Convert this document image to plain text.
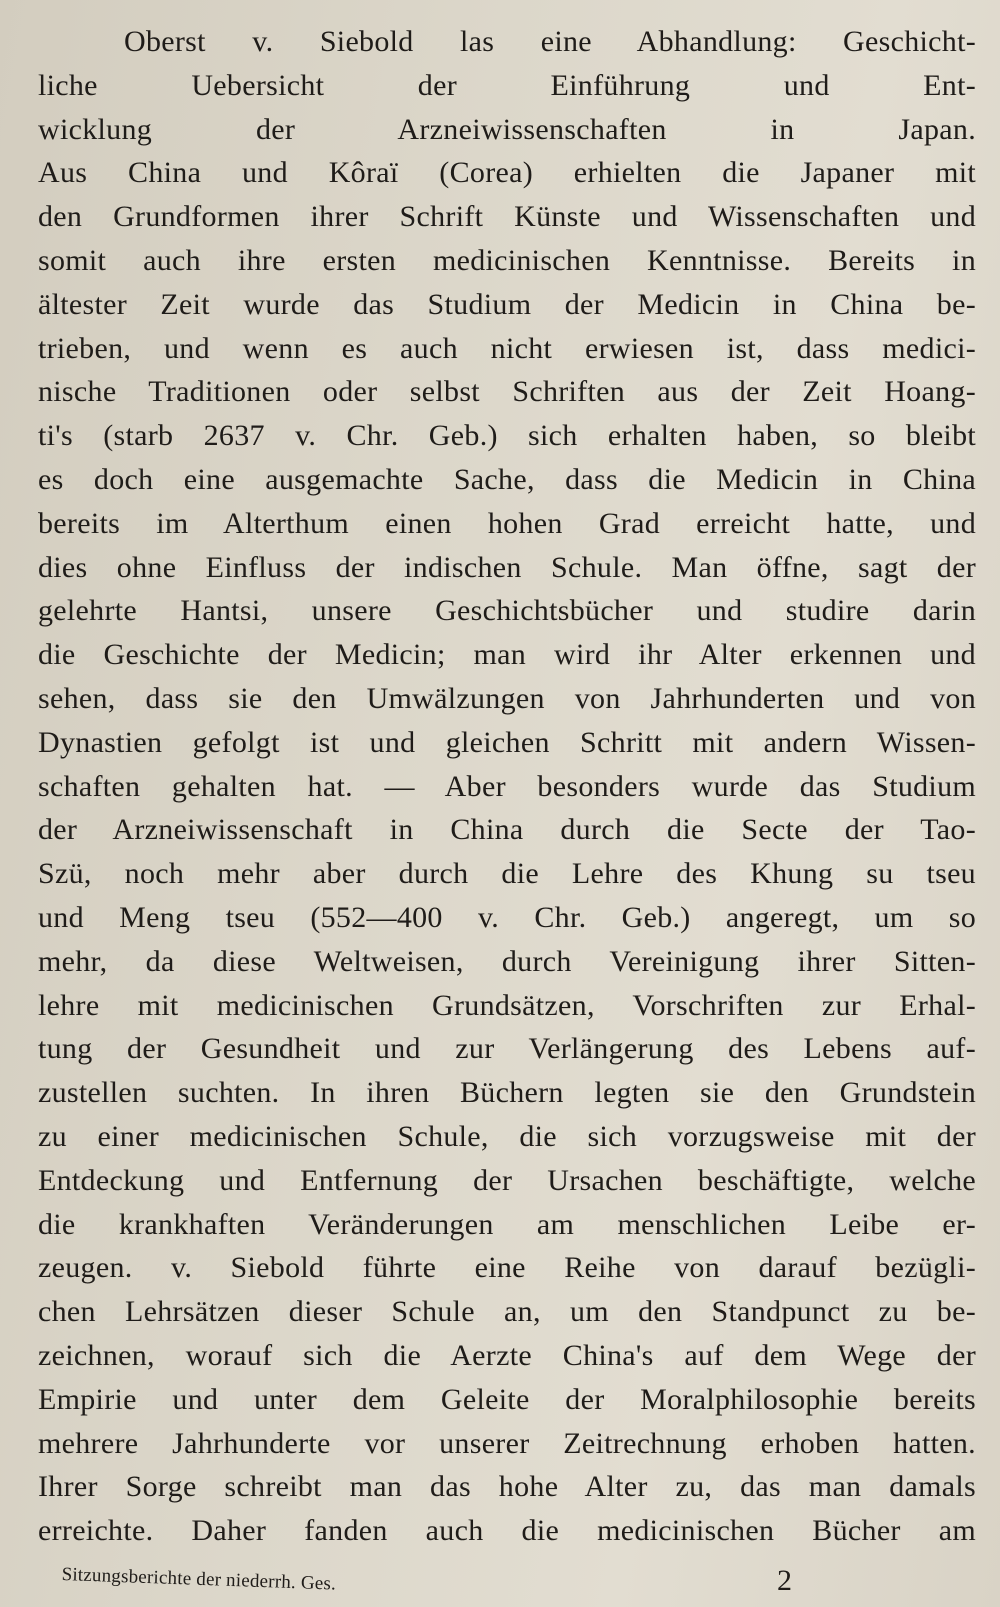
Oberst v. Siebold las eine Abhandlung: Geschicht-
liche Uebersicht der Einführung und Ent-
wicklung der Arzneiwissenschaften in Japan.
Aus China und Kôraï (Corea) erhielten die Japaner mit
den Grundformen ihrer Schrift Künste und Wissenschaften und
somit auch ihre ersten medicinischen Kenntnisse. Bereits in
ältester Zeit wurde das Studium der Medicin in China be-
trieben, und wenn es auch nicht erwiesen ist, dass medici-
nische Traditionen oder selbst Schriften aus der Zeit Hoang-
ti's (starb 2637 v. Chr. Geb.) sich erhalten haben, so bleibt
es doch eine ausgemachte Sache, dass die Medicin in China
bereits im Alterthum einen hohen Grad erreicht hatte, und
dies ohne Einfluss der indischen Schule. Man öffne, sagt der
gelehrte Hantsi, unsere Geschichtsbücher und studire darin
die Geschichte der Medicin; man wird ihr Alter erkennen und
sehen, dass sie den Umwälzungen von Jahrhunderten und von
Dynastien gefolgt ist und gleichen Schritt mit andern Wissen-
schaften gehalten hat. — Aber besonders wurde das Studium
der Arzneiwissenschaft in China durch die Secte der Tao-
Szü, noch mehr aber durch die Lehre des Khung su tseu
und Meng tseu (552—400 v. Chr. Geb.) angeregt, um so
mehr, da diese Weltweisen, durch Vereinigung ihrer Sitten-
lehre mit medicinischen Grundsätzen, Vorschriften zur Erhal-
tung der Gesundheit und zur Verlängerung des Lebens auf-
zustellen suchten. In ihren Büchern legten sie den Grundstein
zu einer medicinischen Schule, die sich vorzugsweise mit der
Entdeckung und Entfernung der Ursachen beschäftigte, welche
die krankhaften Veränderungen am menschlichen Leibe er-
zeugen. v. Siebold führte eine Reihe von darauf bezügli-
chen Lehrsätzen dieser Schule an, um den Standpunct zu be-
zeichnen, worauf sich die Aerzte China's auf dem Wege der
Empirie und unter dem Geleite der Moralphilosophie bereits
mehrere Jahrhunderte vor unserer Zeitrechnung erhoben hatten.
Ihrer Sorge schreibt man das hohe Alter zu, das man damals
erreichte. Daher fanden auch die medicinischen Bücher am
Sitzungsberichte der niederrh. Ges.	2
